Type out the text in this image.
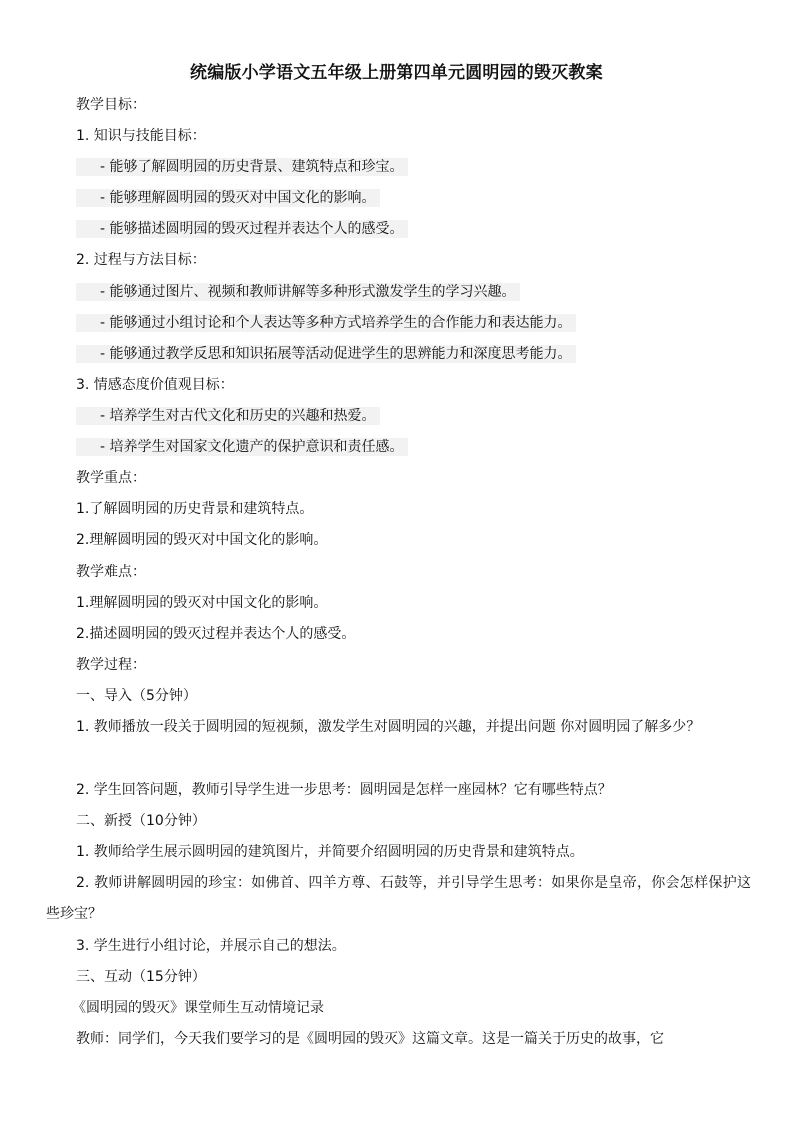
统编版小学语文五年级上册第四单元圆明园的毁灭教案
教学目标：
1. 知识与技能目标：
- 能够了解圆明园的历史背景、建筑特点和珍宝。
- 能够理解圆明园的毁灭对中国文化的影响。
- 能够描述圆明园的毁灭过程并表达个人的感受。
2. 过程与方法目标：
- 能够通过图片、视频和教师讲解等多种形式激发学生的学习兴趣。
- 能够通过小组讨论和个人表达等多种方式培养学生的合作能力和表达能力。
- 能够通过教学反思和知识拓展等活动促进学生的思辨能力和深度思考能力。
3. 情感态度价值观目标：
- 培养学生对古代文化和历史的兴趣和热爱。
- 培养学生对国家文化遗产的保护意识和责任感。
教学重点：
1.了解圆明园的历史背景和建筑特点。
2.理解圆明园的毁灭对中国文化的影响。
教学难点：
1.理解圆明园的毁灭对中国文化的影响。
2.描述圆明园的毁灭过程并表达个人的感受。
教学过程：
一、导入（5分钟）
1. 教师播放一段关于圆明园的短视频，激发学生对圆明园的兴趣，并提出问题 你对圆明园了解多少？
2. 学生回答问题，教师引导学生进一步思考：圆明园是怎样一座园林？它有哪些特点？
二、新授（10分钟）
1. 教师给学生展示圆明园的建筑图片，并简要介绍圆明园的历史背景和建筑特点。
2. 教师讲解圆明园的珍宝：如佛首、四羊方尊、石鼓等，并引导学生思考：如果你是皇帝，你会怎样保护这些珍宝？
3. 学生进行小组讨论，并展示自己的想法。
三、互动（15分钟）
《圆明园的毁灭》课堂师生互动情境记录
教师：同学们，今天我们要学习的是《圆明园的毁灭》这篇文章。这是一篇关于历史的故事，它
